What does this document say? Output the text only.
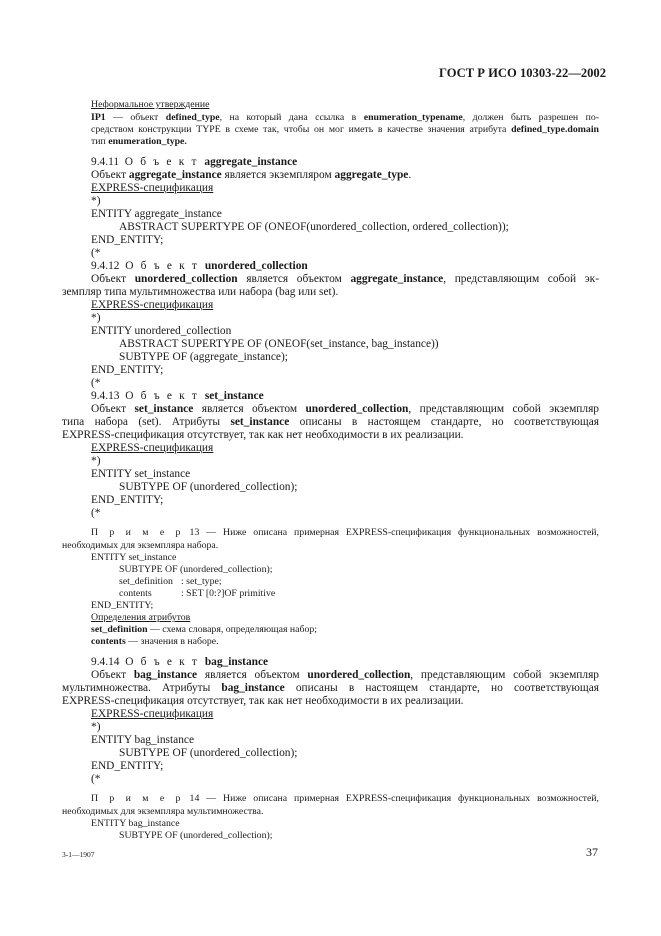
ГОСТ Р ИСО 10303-22—2002
Неформальное утверждение
IP1 — объект defined_type, на который дана ссылка в enumeration_typename, должен быть разрешен по-
средством конструкции TYPE в схеме так, чтобы он мог иметь в качестве значения атрибута defined_type.domain
тип enumeration_type.
9.4.11 О б ъ е к т aggregate_instance
Объект aggregate_instance является экземпляром aggregate_type.
EXPRESS-спецификация
*)
ENTITY aggregate_instance
ABSTRACT SUPERTYPE OF (ONEOF(unordered_collection, ordered_collection));
END_ENTITY;
(*
9.4.12 О б ъ е к т unordered_collection
Объект unordered_collection является объектом aggregate_instance, представляющим собой эк-
земпляр типа мультимножества или набора (bag или set).
EXPRESS-спецификация
*)
ENTITY unordered_collection
ABSTRACT SUPERTYPE OF (ONEOF(set_instance, bag_instance))
SUBTYPE OF (aggregate_instance);
END_ENTITY;
(*
9.4.13 О б ъ е к т set_instance
Объект set_instance является объектом unordered_collection, представляющим собой экземпляр
типа набора (set). Атрибуты set_instance описаны в настоящем стандарте, но соответствующая
EXPRESS-спецификация отсутствует, так как нет необходимости в их реализации.
EXPRESS-спецификация
*)
ENTITY set_instance
SUBTYPE OF (unordered_collection);
END_ENTITY;
(*
П р и м е р 13 — Ниже описана примерная EXPRESS-спецификация функциональных возможностей,
необходимых для экземпляра набора.
ENTITY set_instance
SUBTYPE OF (unordered_collection);
set_definition : set_type;
contents	: SET [0:?]OF primitive
END_ENTITY;
Определения атрибутов
set_definition — схема словаря, определяющая набор;
contents — значения в наборе.
9.4.14 О б ъ е к т bag_instance
Объект bag_instance является объектом unordered_collection, представляющим собой экземпляр
мультимножества. Атрибуты bag_instance описаны в настоящем стандарте, но соответствующая
EXPRESS-спецификация отсутствует, так как нет необходимости в их реализации.
EXPRESS-спецификация
*)
ENTITY bag_instance
SUBTYPE OF (unordered_collection);
END_ENTITY;
(*
П р и м е р 14 — Ниже описана примерная EXPRESS-спецификация функциональных возможностей,
необходимых для экземпляра мультимножества.
ENTITY bag_instance
SUBTYPE OF (unordered_collection);
3-1—1907	37
